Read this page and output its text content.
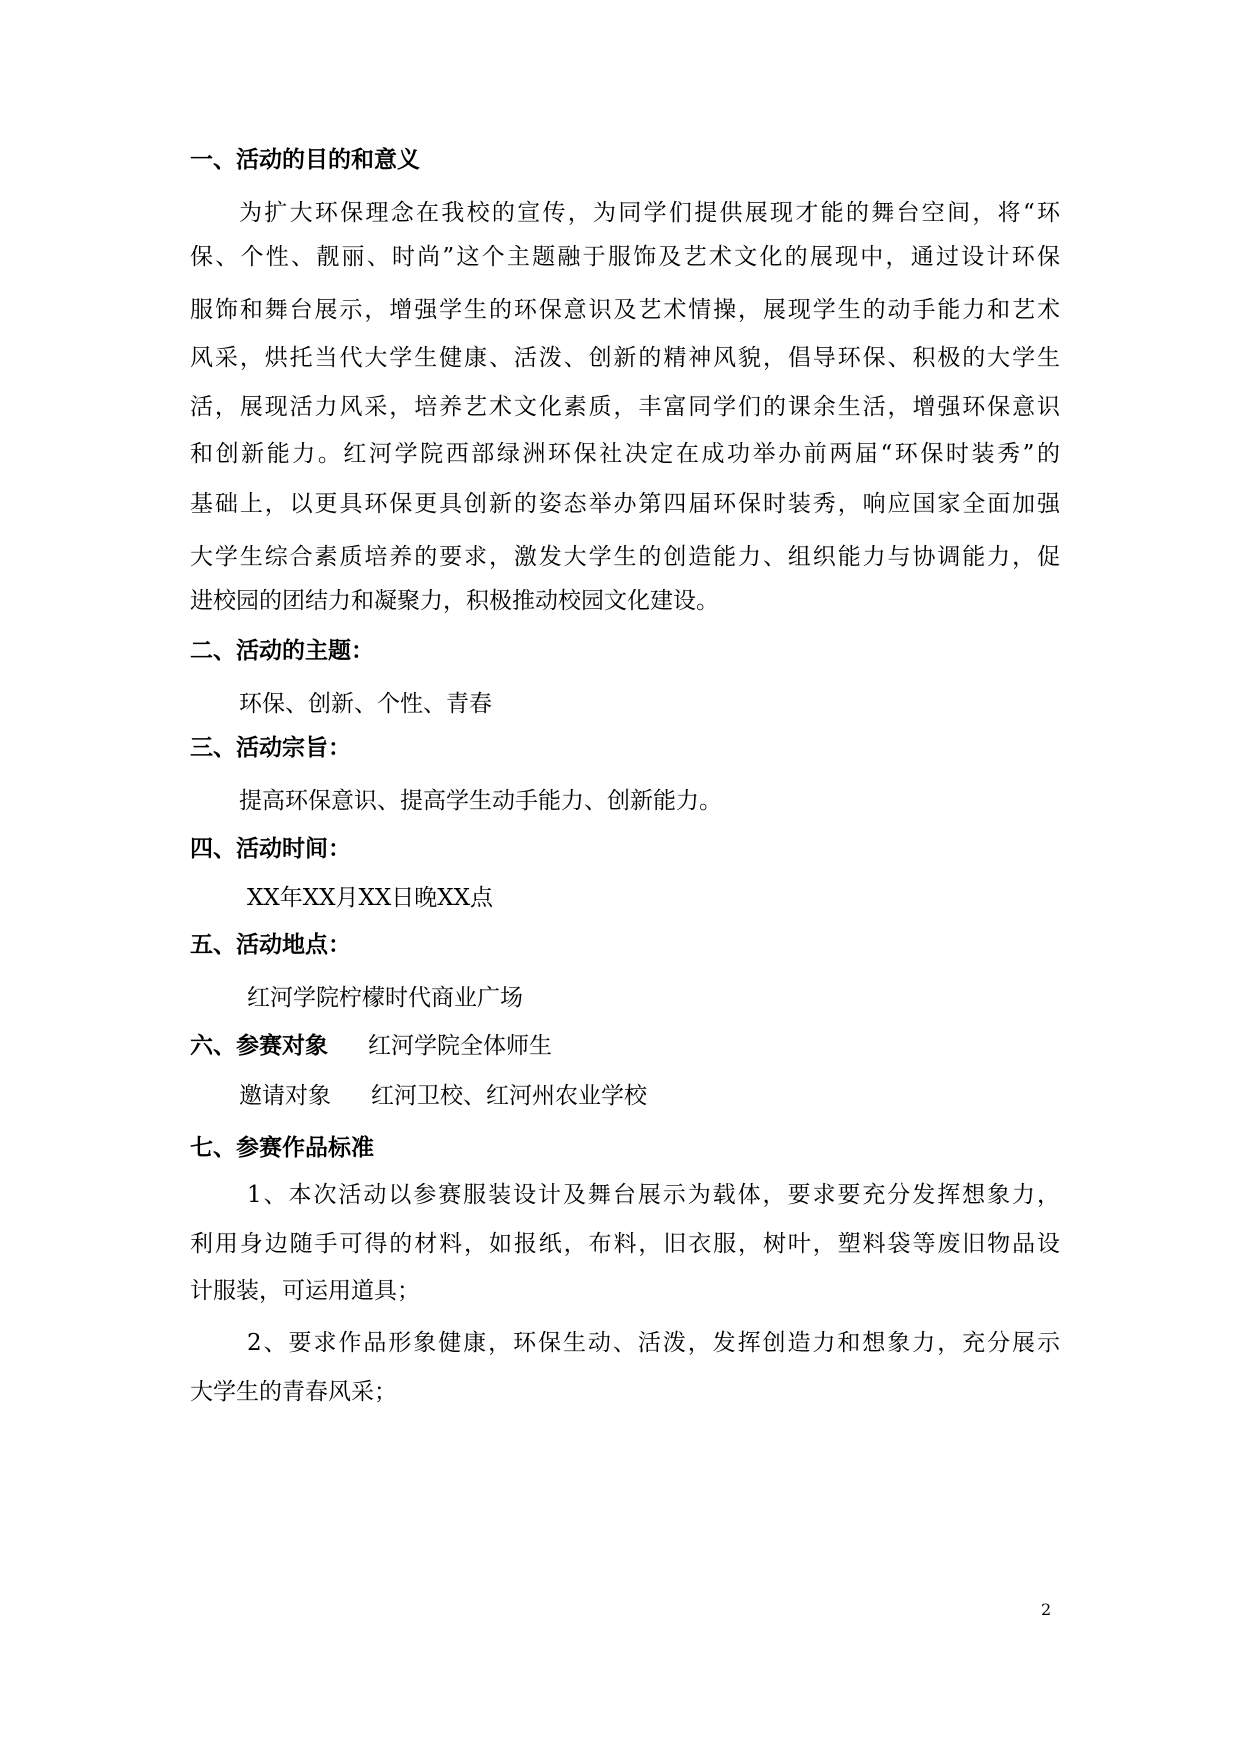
一、活动的目的和意义
为扩大环保理念在我校的宣传，为同学们提供展现才能的舞台空间，将“环
保、个性、靓丽、时尚”这个主题融于服饰及艺术文化的展现中，通过设计环保
服饰和舞台展示，增强学生的环保意识及艺术情操，展现学生的动手能力和艺术
风采，烘托当代大学生健康、活泼、创新的精神风貌，倡导环保、积极的大学生
活，展现活力风采，培养艺术文化素质，丰富同学们的课余生活，增强环保意识
和创新能力。红河学院西部绿洲环保社决定在成功举办前两届“环保时装秀”的
基础上，以更具环保更具创新的姿态举办第四届环保时装秀，响应国家全面加强
大学生综合素质培养的要求，激发大学生的创造能力、组织能力与协调能力，促
进校园的团结力和凝聚力，积极推动校园文化建设。
二、活动的主题：
环保、创新、个性、青春
三、活动宗旨：
提高环保意识、提高学生动手能力、创新能力。
四、活动时间：
XX年XX月XX日晚XX点
五、活动地点：
红河学院柠檬时代商业广场
六、参赛对象 红河学院全体师生
邀请对象 红河卫校、红河州农业学校
七、参赛作品标准
1、本次活动以参赛服装设计及舞台展示为载体，要求要充分发挥想象力，
利用身边随手可得的材料，如报纸，布料，旧衣服，树叶，塑料袋等废旧物品设
计服装，可运用道具；
2、要求作品形象健康，环保生动、活泼，发挥创造力和想象力，充分展示
大学生的青春风采；
2
